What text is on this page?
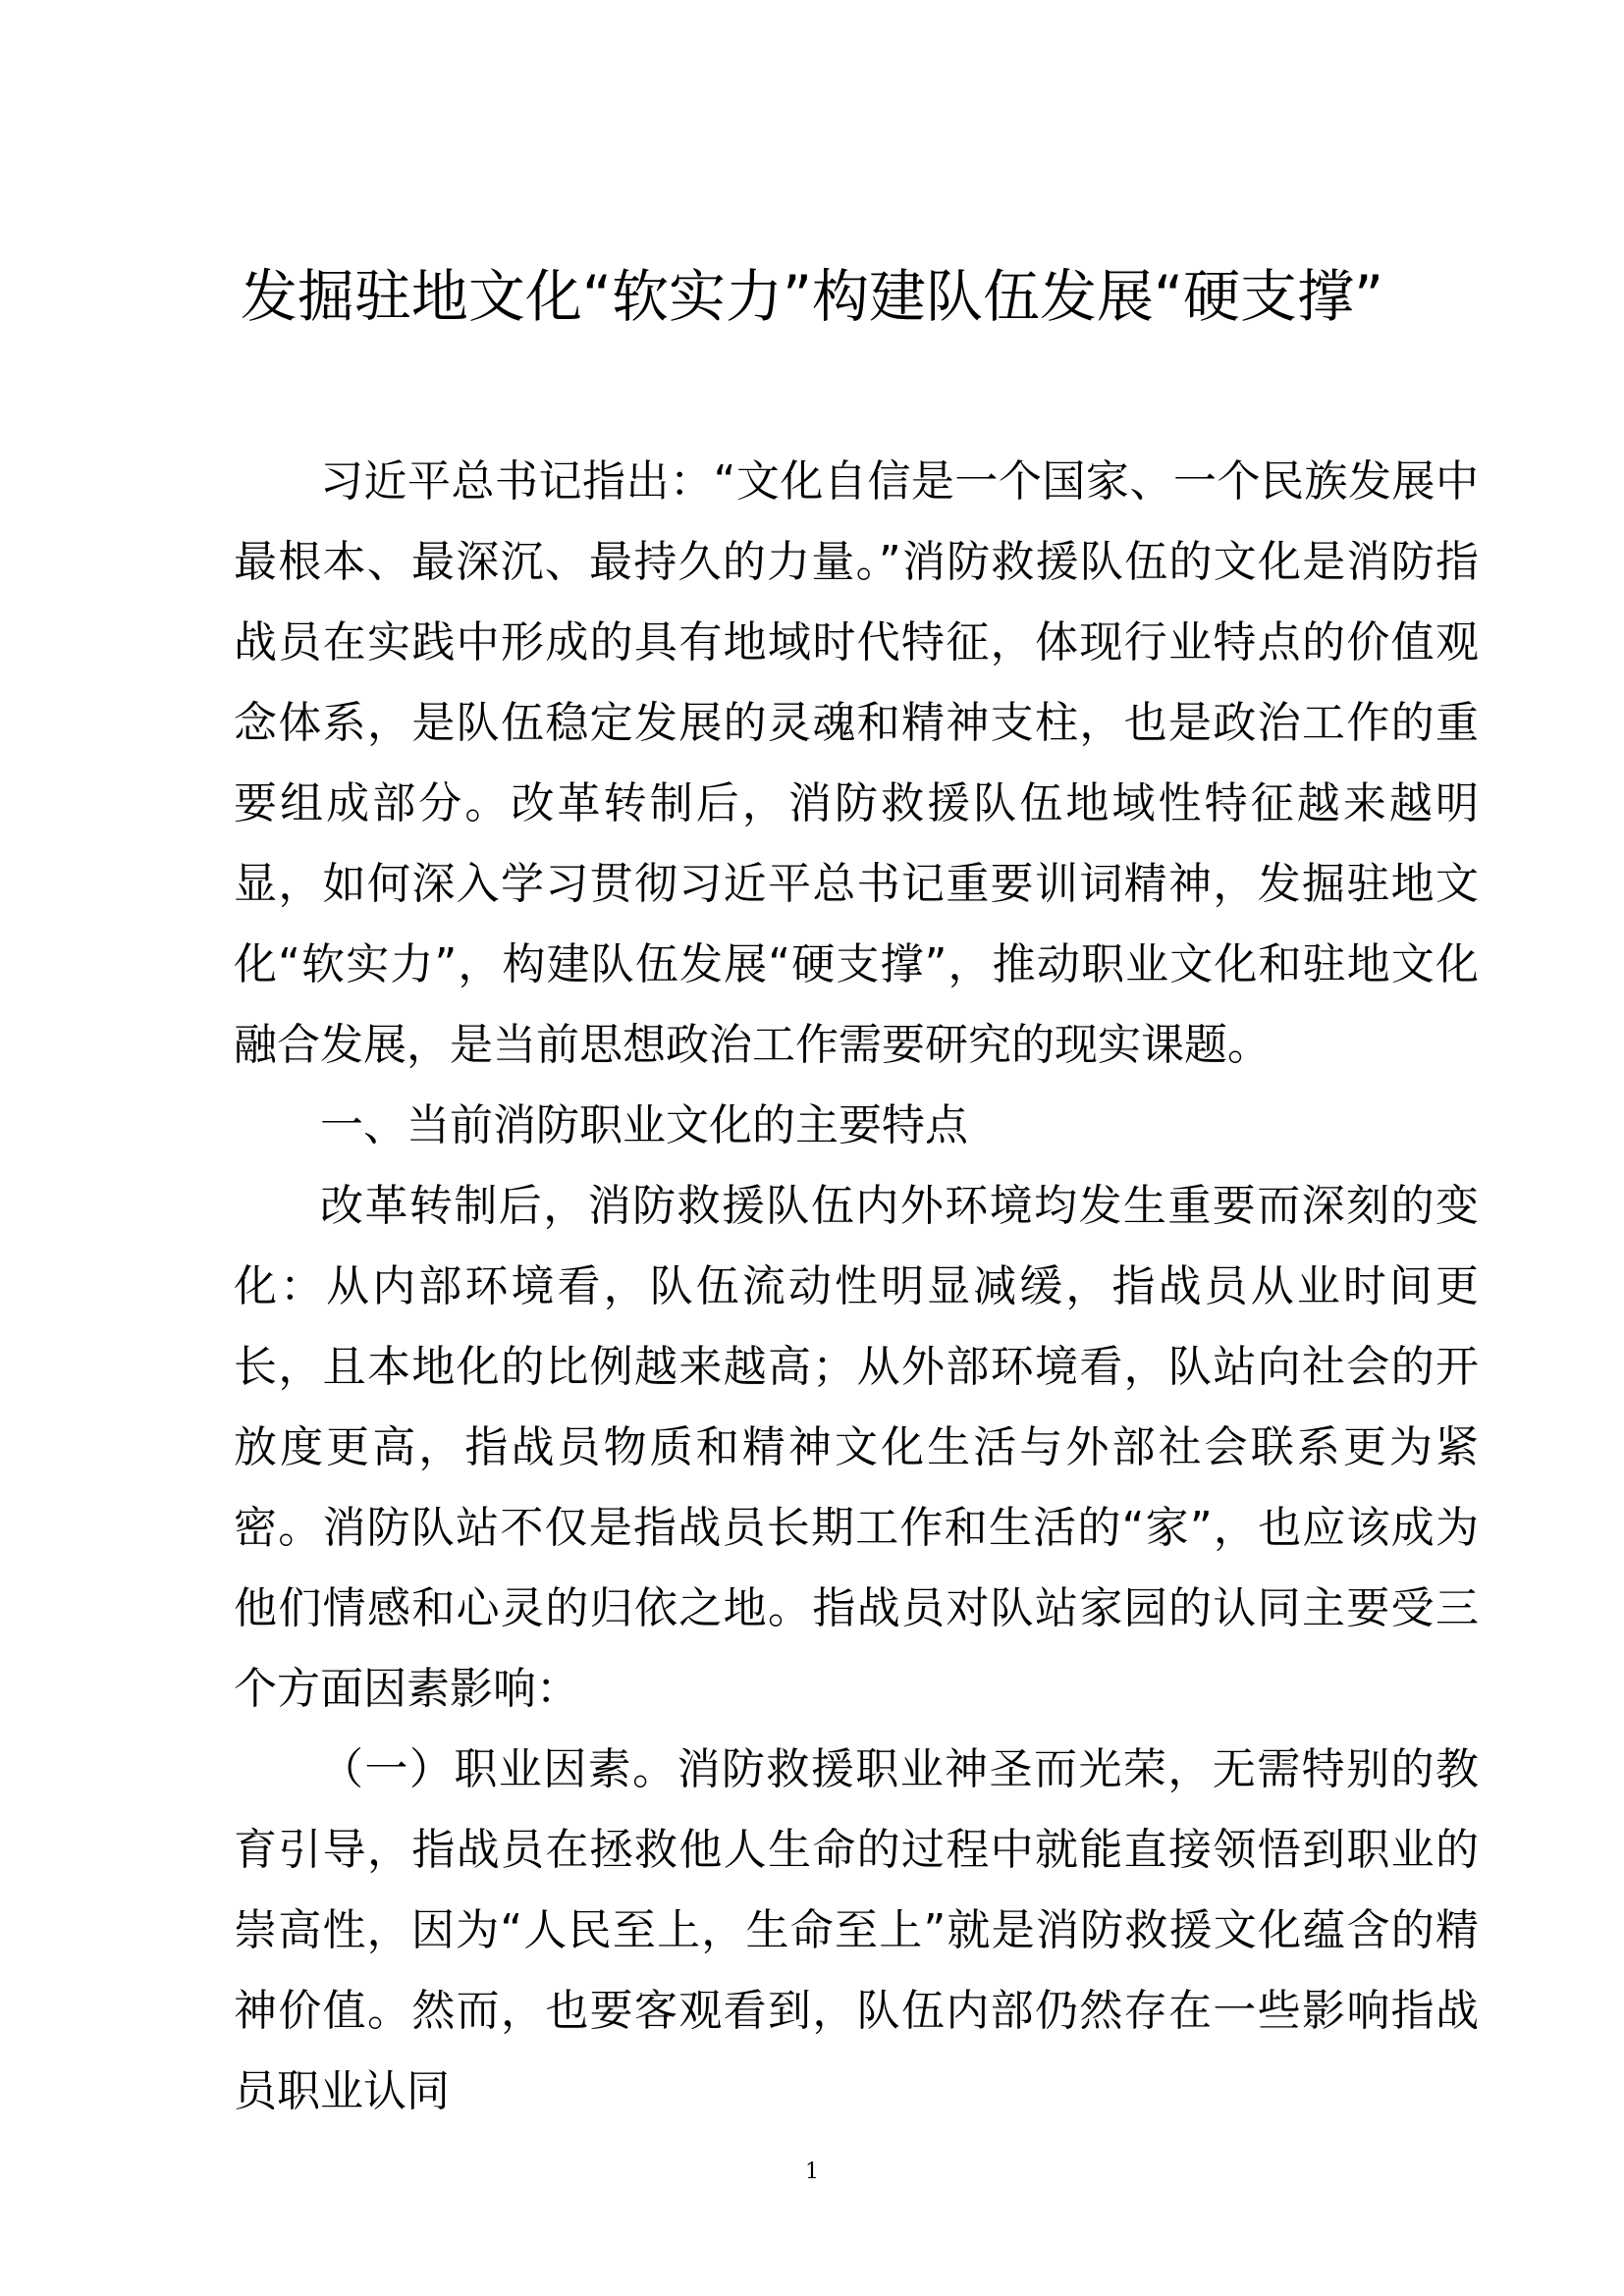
发掘驻地文化“软实力”构建队伍发展“硬支撑”

习近平总书记指出：“文化自信是一个国家、一个民族发展中最根本、最深沉、最持久的力量。”消防救援队伍的文化是消防指战员在实践中形成的具有地域时代特征，体现行业特点的价值观念体系，是队伍稳定发展的灵魂和精神支柱，也是政治工作的重要组成部分。改革转制后，消防救援队伍地域性特征越来越明显，如何深入学习贯彻习近平总书记重要训词精神，发掘驻地文化“软实力”，构建队伍发展“硬支撑”，推动职业文化和驻地文化融合发展，是当前思想政治工作需要研究的现实课题。

一、当前消防职业文化的主要特点

改革转制后，消防救援队伍内外环境均发生重要而深刻的变化：从内部环境看，队伍流动性明显减缓，指战员从业时间更长，且本地化的比例越来越高；从外部环境看，队站向社会的开放度更高，指战员物质和精神文化生活与外部社会联系更为紧密。消防队站不仅是指战员长期工作和生活的“家”，也应该成为他们情感和心灵的归依之地。指战员对队站家园的认同主要受三个方面因素影响：

（一）职业因素。消防救援职业神圣而光荣，无需特别的教育引导，指战员在拯救他人生命的过程中就能直接领悟到职业的崇高性，因为“人民至上，生命至上”就是消防救援文化蕴含的精神价值。然而，也要客观看到，队伍内部仍然存在一些影响指战员职业认同

1
